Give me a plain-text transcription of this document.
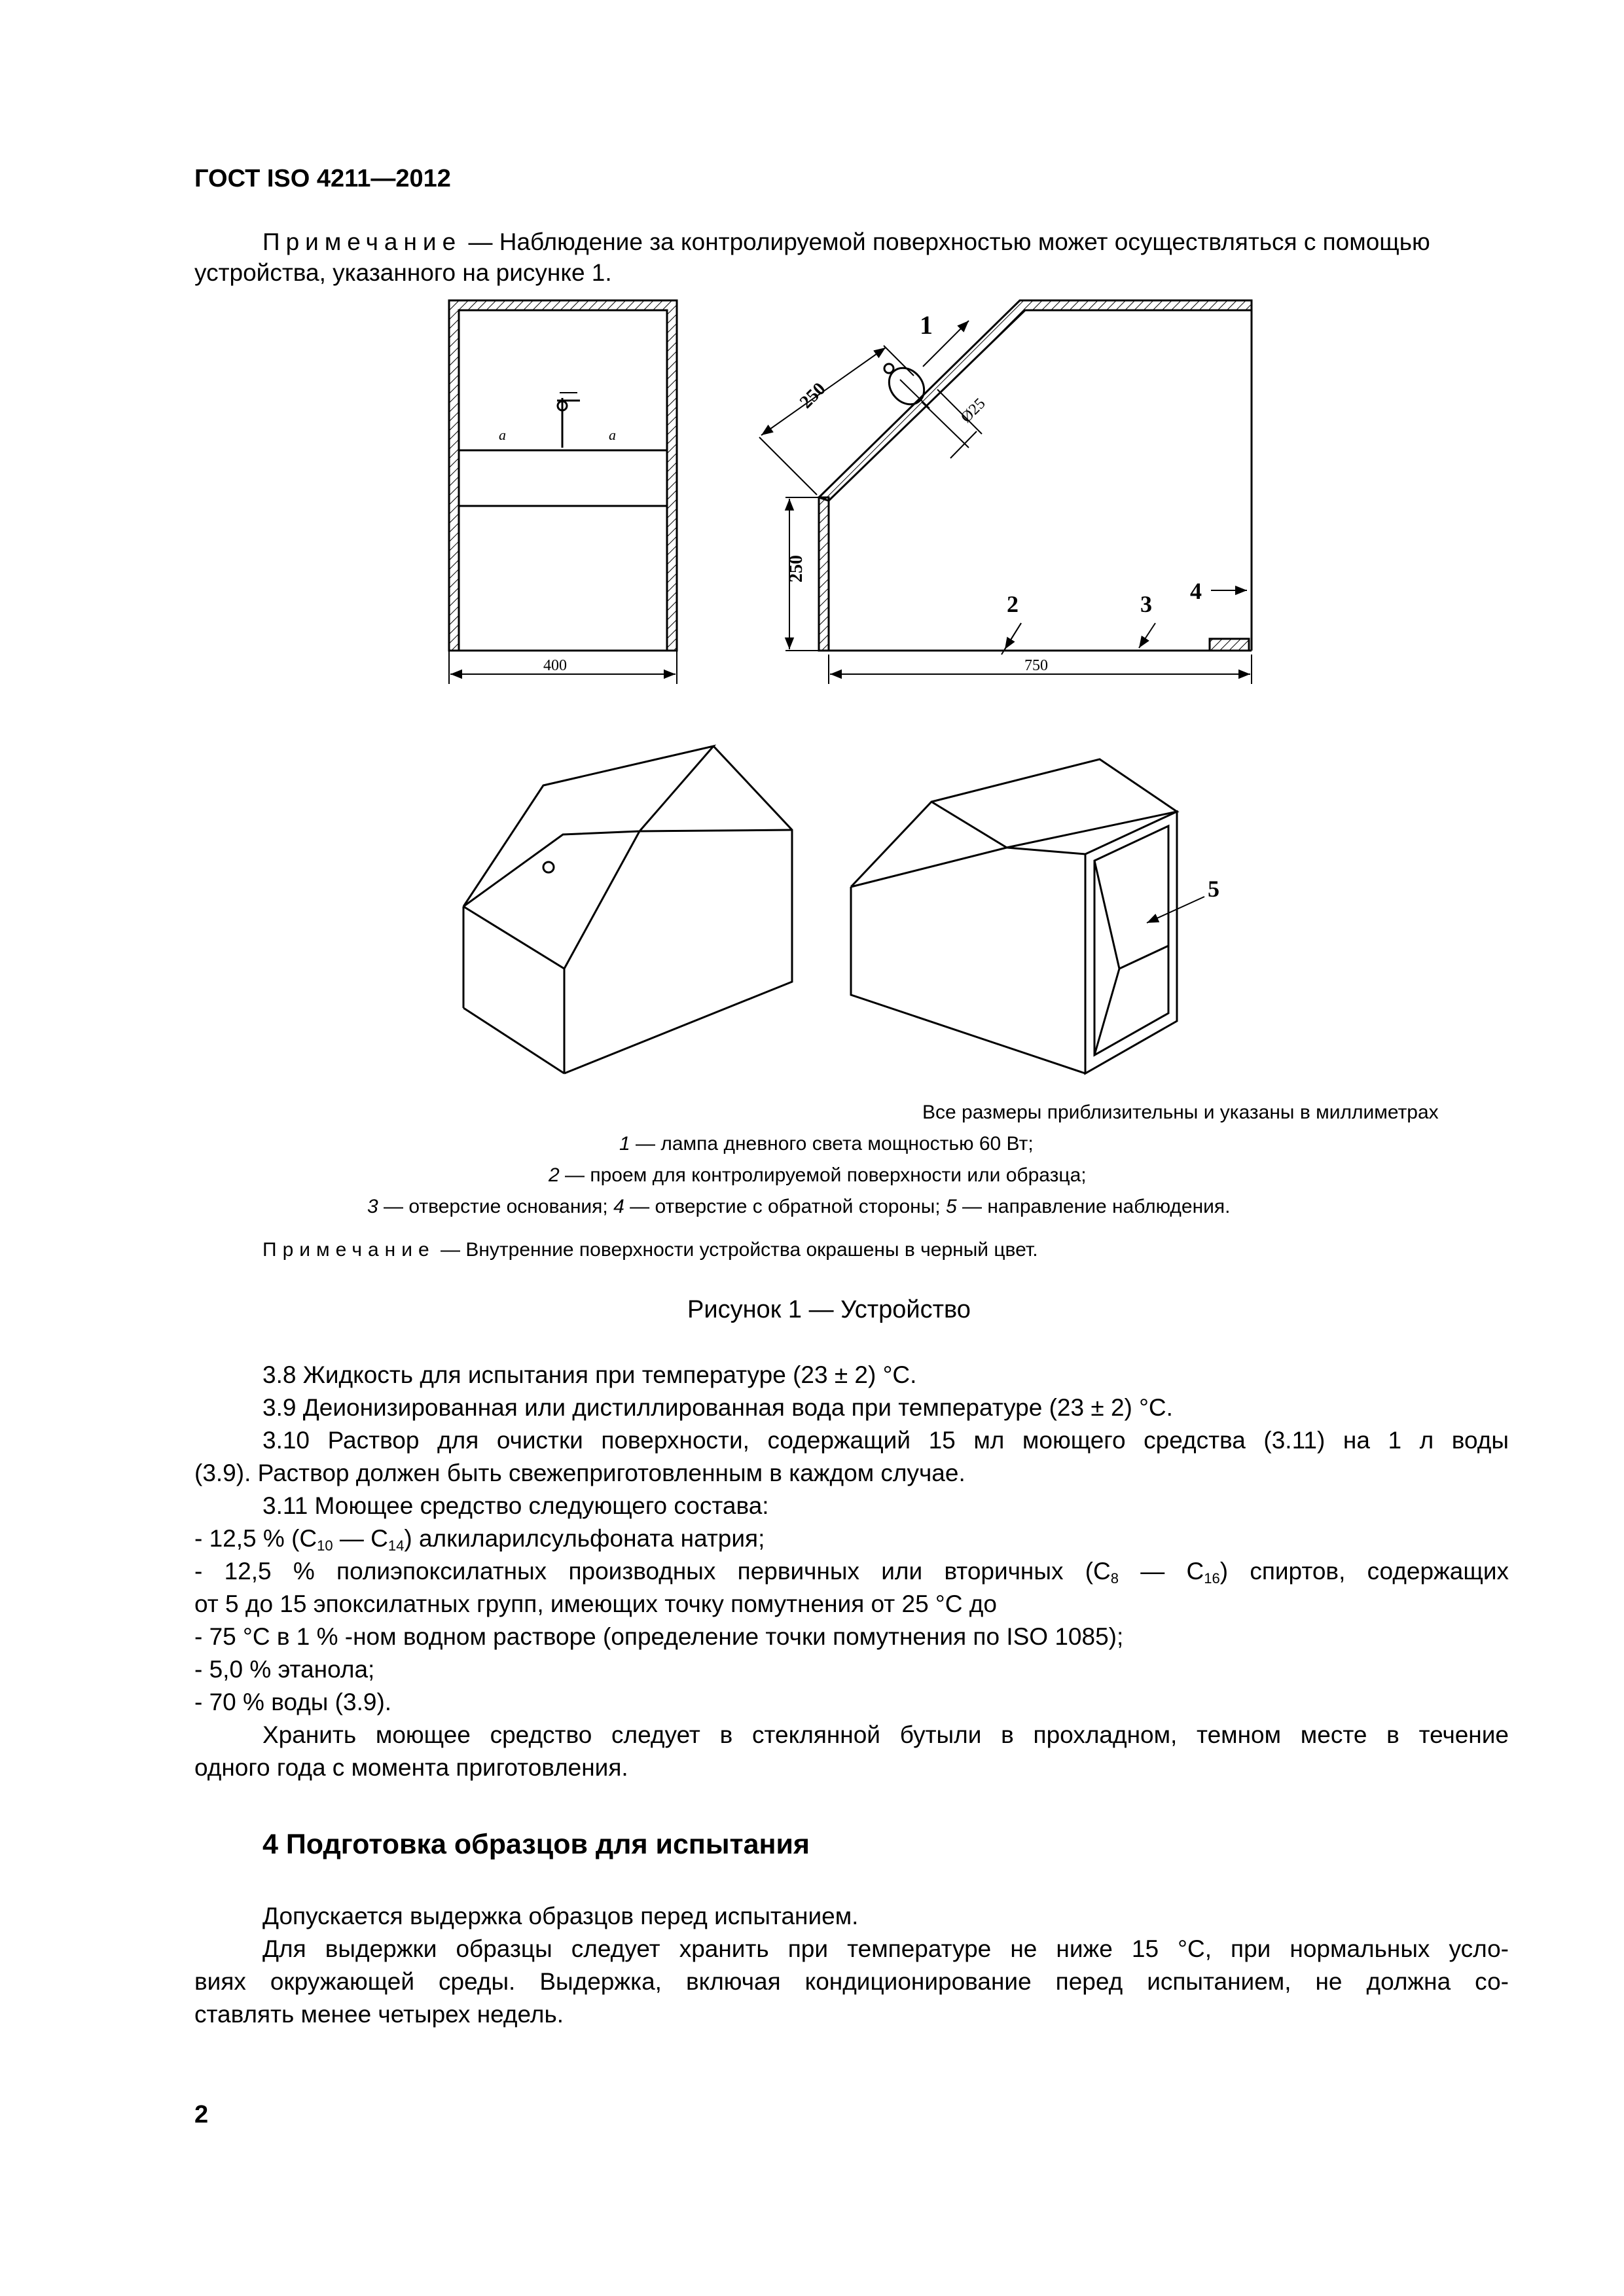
ГОСТ ISO 4211—2012
Примечание — Наблюдение за контролируемой поверхностью может осуществляться с помощью
устройства, указанного на рисунке 1.
a	a
400
250
250	Ø25
1
2	3 4
750
5
Все размеры приблизительны и указаны в миллиметрах
1 — лампа дневного света мощностью 60 Вт;
2 — проем для контролируемой поверхности или образца;
3 — отверстие основания; 4 — отверстие с обратной стороны; 5 — направление наблюдения.
Примечание — Внутренние поверхности устройства окрашены в черный цвет.
Рисунок 1 — Устройство
3.8 Жидкость для испытания при температуре (23 ± 2) °С.
3.9 Деионизированная или дистиллированная вода при температуре (23 ± 2) °С.
3.10 Раствор для очистки поверхности, содержащий 15 мл моющего средства (3.11) на 1 л воды
(3.9). Раствор должен быть свежеприготовленным в каждом случае.
3.11 Моющее средство следующего состава:
- 12,5 % ($С_{10}$ — $С_{14}$) алкиларилсульфоната натрия;
- 12,5 % полиэпоксилатных производных первичных или вторичных ($С_8$ — $С_{16}$) спиртов, содержащих
от 5 до 15 эпоксилатных групп, имеющих точку помутнения от 25 °С до
- 75 °С в 1 % -ном водном растворе (определение точки помутнения по ISO 1085);
- 5,0 % этанола;
- 70 % воды (3.9).
Хранить моющее средство следует в стеклянной бутыли в прохладном, темном месте в течение
одного года с момента приготовления.
4 Подготовка образцов для испытания
Допускается выдержка образцов перед испытанием.
Для выдержки образцы следует хранить при температуре не ниже 15 °С, при нормальных усло-
виях окружающей среды. Выдержка, включая кондиционирование перед испытанием, не должна со-
ставлять менее четырех недель.
2
